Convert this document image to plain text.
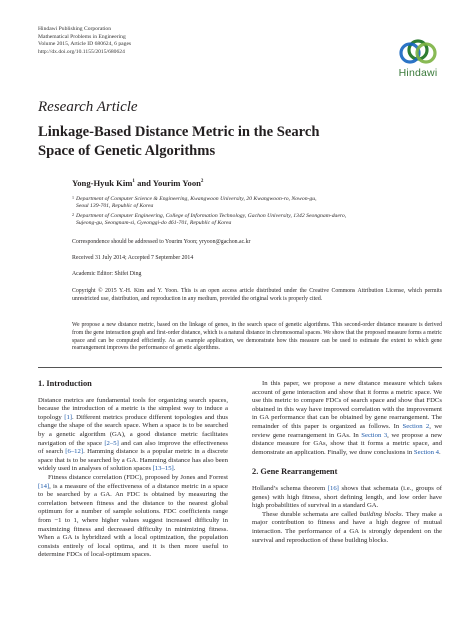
Hindawi Publishing Corporation
Mathematical Problems in Engineering
Volume 2015, Article ID 680624, 6 pages
http://dx.doi.org/10.1155/2015/680624
Hindawi
Research Article
Linkage-Based Distance Metric in the Search
Space of Genetic Algorithms
Yong-Hyuk Kim$^1$ and Yourim Yoon$^2$
1 Department of Computer Science & Engineering, Kwangwoon University, 20 Kwangwoon-ro, Nowon-gu,
Seoul 139-701, Republic of Korea
2 Department of Computer Engineering, College of Information Technology, Gachon University, 1342 Seongnam-daero,
Sujeong-gu, Seongnam-si, Gyeonggi-do 461-701, Republic of Korea
Correspondence should be addressed to Yourim Yoon; yryoon@gachon.ac.kr
Received 31 July 2014; Accepted 7 September 2014
Academic Editor: Shifei Ding
Copyright © 2015 Y.-H. Kim and Y. Yoon. This is an open access article distributed under the Creative Commons Attribution License, which permits unrestricted use, distribution, and reproduction in any medium, provided the original work is properly cited.
We propose a new distance metric, based on the linkage of genes, in the search space of genetic algorithms. This second-order distance measure is derived from the gene interaction graph and first-order distance, which is a natural distance in chromosomal spaces. We show that the proposed measure forms a metric space and can be computed efficiently. As an example application, we demonstrate how this measure can be used to estimate the extent to which gene rearrangement improves the performance of genetic algorithms.
1. Introduction

Distance metrics are fundamental tools for organizing search spaces, because the introduction of a metric is the simplest way to induce a topology [1]. Different metrics produce different topologies and thus change the shape of the search space. When a space is to be searched by a genetic algorithm (GA), a good distance metric facilitates navigation of the space [2–5] and can also improve the effectiveness of search [6–12]. Hamming distance is a popular metric in a discrete space that is to be searched by a GA. Hamming distance has also been widely used in analyses of solution spaces [13–15].

Fitness distance correlation (FDC), proposed by Jones and Forrest [14], is a measure of the effectiveness of a distance metric in a space to be searched by a GA. An FDC is obtained by measuring the correlation between fitness and the distance to the nearest global optimum for a number of sample solutions. FDC coefficients range from −1 to 1, where higher values suggest increased difficulty in maximizing fitness and decreased difficulty in minimizing fitness. When a GA is hybridized with a local optimization, the population consists entirely of local optima, and it is then more useful to determine FDCs of local-optimum spaces.

In this paper, we propose a new distance measure which takes account of gene interaction and show that it forms a metric space. We use this metric to compare FDCs of search space and show that FDCs obtained in this way have improved correlation with the improvement in GA performance that can be obtained by gene rearrangement. The remainder of this paper is organized as follows. In Section 2, we review gene rearrangement in GAs. In Section 3, we propose a new distance measure for GAs, show that it forms a metric space, and demonstrate an application. Finally, we draw conclusions in Section 4.

2. Gene Rearrangement

Holland’s schema theorem [16] shows that schemata (i.e., groups of genes) with high fitness, short defining length, and low order have high probabilities of survival in a standard GA.

These durable schemata are called building blocks. They make a major contribution to fitness and have a high degree of mutual interaction. The performance of a GA is strongly dependent on the survival and reproduction of these building blocks.
